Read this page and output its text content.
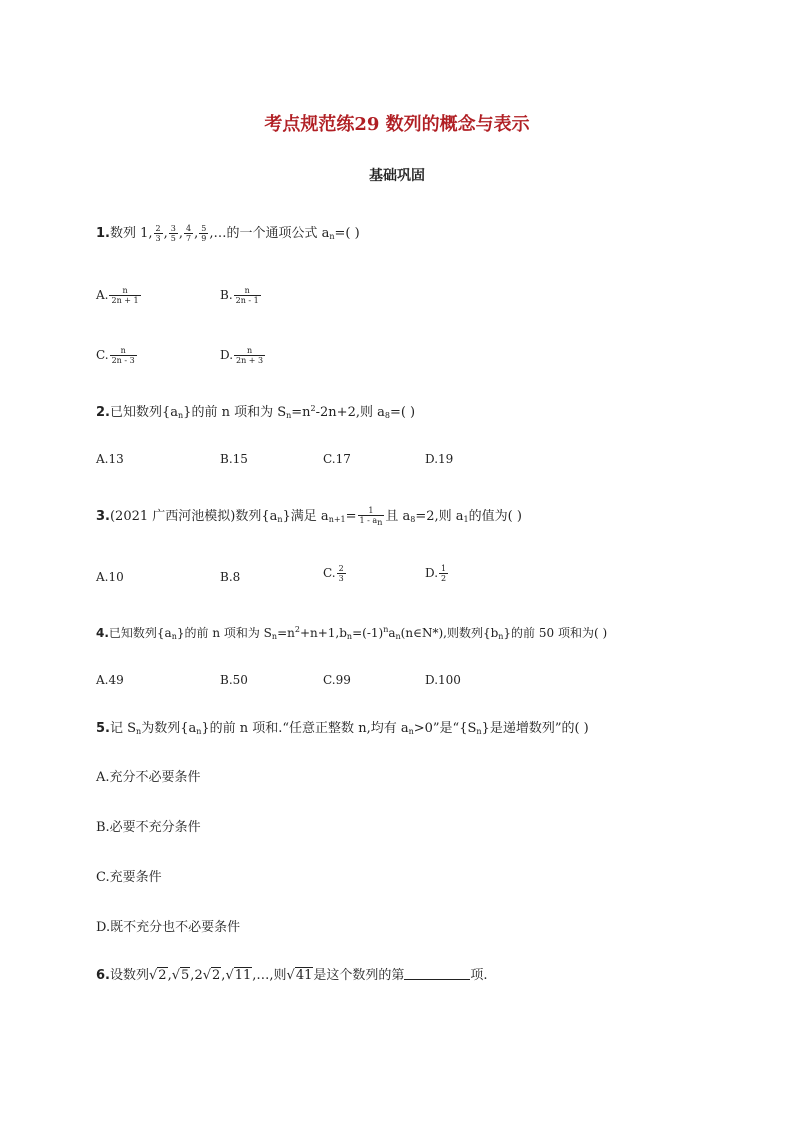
考点规范练29 数列的概念与表示
基础巩固
1.数列 1, $\frac{2}{3}$ , $\frac{3}{5}$ , $\frac{4}{7}$ , $\frac{5}{9}$ ,…的一个通项公式 $a_n=$( )
A. $\frac{n}{2n + 1}$	B. $\frac{n}{2n - 1}$
C. $\frac{n}{2n - 3}$	D. $\frac{n}{2n + 3}$
2.已知数列$\{a_n\}$的前 n 项和为 $S_n=n^2-2n+2$,则 $a_8=$( )
A.13	B.15	C.17	D.19
3.(2021 广西河池模拟)数列$\{a_n\}$满足 $a_{n+1}= \frac{1}{1 - a_n}$ 且 $a_8=2$,则 $a_1$的值为( )
A.10	B.8	C. $\frac{2}{3}$	D. $\frac{1}{2}$
4.已知数列$\{a_n\}$的前 n 项和为 $S_n=n^2+n+1,b_n=(-1)^na_n(n\in N*)$,则数列$\{b_n\}$的前 50 项和为( )
A.49	B.50	C.99	D.100
5.记 $S_n$为数列$\{a_n\}$的前 n 项和.“任意正整数 n,均有 $a_n>0$”是“$\{S_n\}$是递增数列”的( )
A.充分不必要条件
B.必要不充分条件
C.充要条件
D.既不充分也不必要条件
6.设数列√2,√5,2√2,√11,…,则√41是这个数列的第	项.
